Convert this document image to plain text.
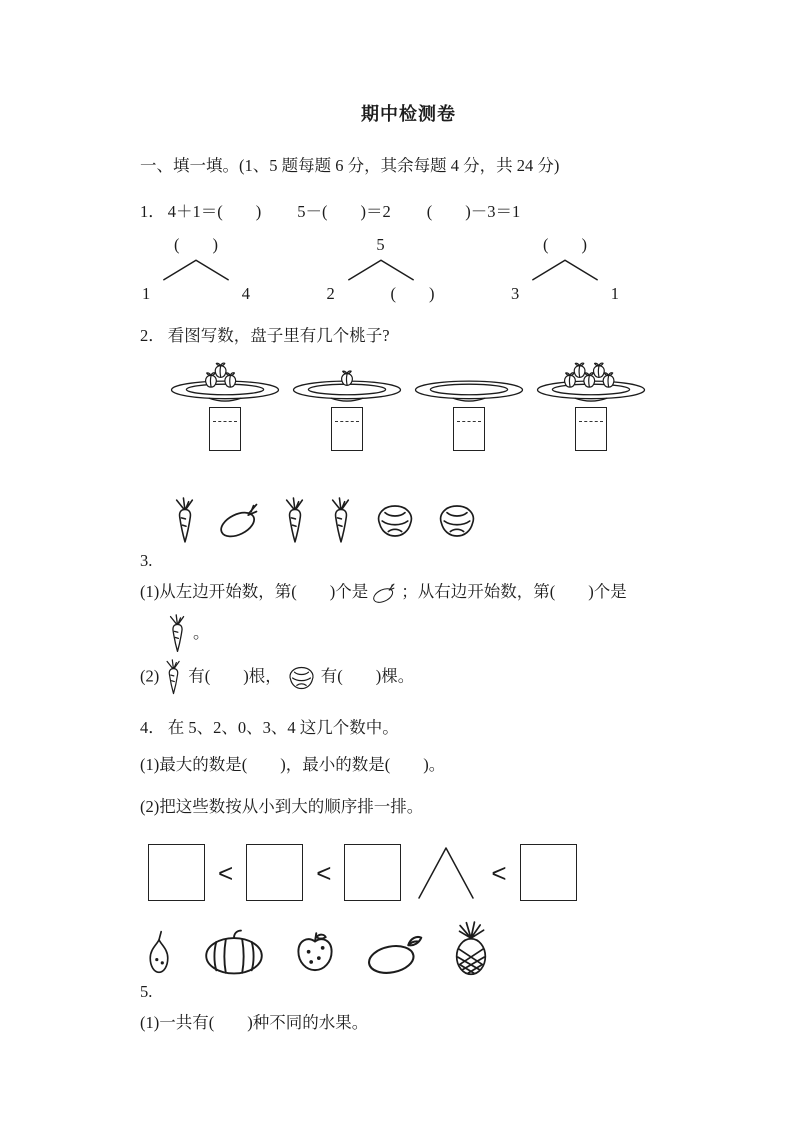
期中检测卷
一、填一填。(1、5 题每题 6 分，其余每题 4 分，共 24 分)
1． 4＋1＝(　　) 5－(　　)＝2 (　　)－3＝1
(　　)
1	4
5
2	(　　)
(　　)
3	1
2． 看图写数，盘子里有几个桃子?
3.
(1)从左边开始数，第(　　)个是 ；从右边开始数，第(　　)个是
。
(2) 有(　　)根， 有(　　)棵。
4． 在 5、2、0、3、4 这几个数中。
(1)最大的数是(　　)，最小的数是(　　)。
(2)把这些数按从小到大的顺序排一排。
<	<	<
5.
(1)一共有(　　)种不同的水果。
